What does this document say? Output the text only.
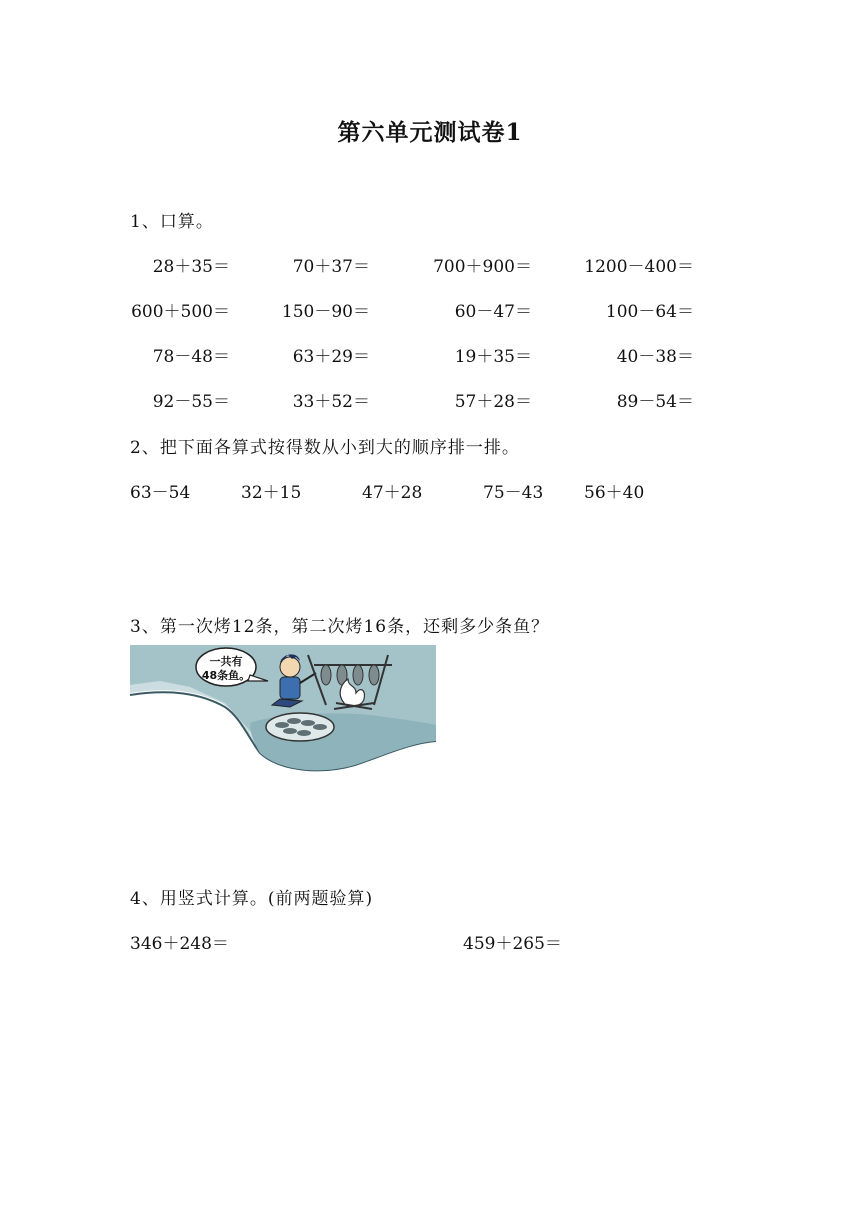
第六单元测试卷1
1、口算。
28＋35＝	70＋37＝	700＋900＝	1200－400＝
600＋500＝	150－90＝	60－47＝	100－64＝
78－48＝	63＋29＝	19＋35＝	40－38＝
92－55＝	33＋52＝	57＋28＝	89－54＝
2、把下面各算式按得数从小到大的顺序排一排。
63－54	32＋15	47＋28	75－43 56＋40
3、第一次烤12条，第二次烤16条，还剩多少条鱼？
一共有
48条鱼。
4、用竖式计算。(前两题验算)
346＋248＝	459＋265＝
